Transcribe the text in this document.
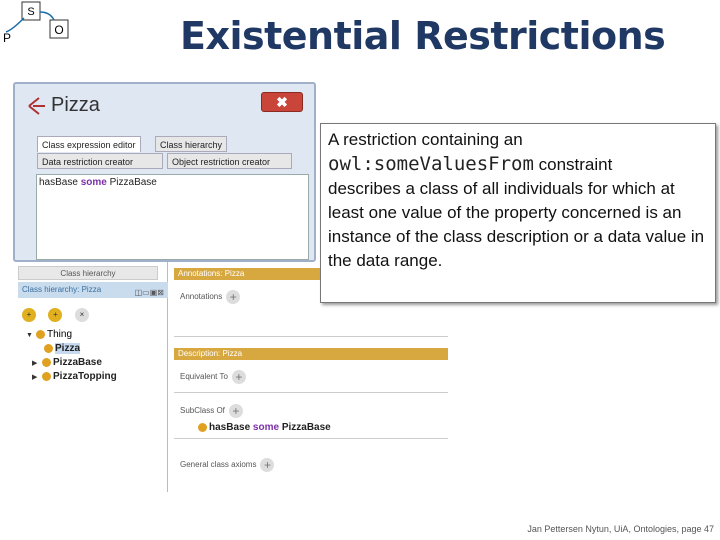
S
O
P	Existential Restrictions
Class hierarchy
Class hierarchy: Pizza	◫▭▣⊠
+	+	×
▼ Thing
Pizza
▶ PizzaBase
▶ PizzaTopping
Annotations: Pizza
Annotations +
Description: Pizza
Equivalent To +
SubClass Of +
hasBase some PizzaBase
General class axioms +
Pizza	✖
Class expression editor	Class hierarchy
Data restriction creator	Object restriction creator
hasBase some PizzaBase
A restriction containing an
owl:someValuesFrom constraint
describes a class of all individuals for which at least one value of the property concerned is an instance of the class description or a data value in the data range.
Jan Pettersen Nytun, UiA, Ontologies, page 47
